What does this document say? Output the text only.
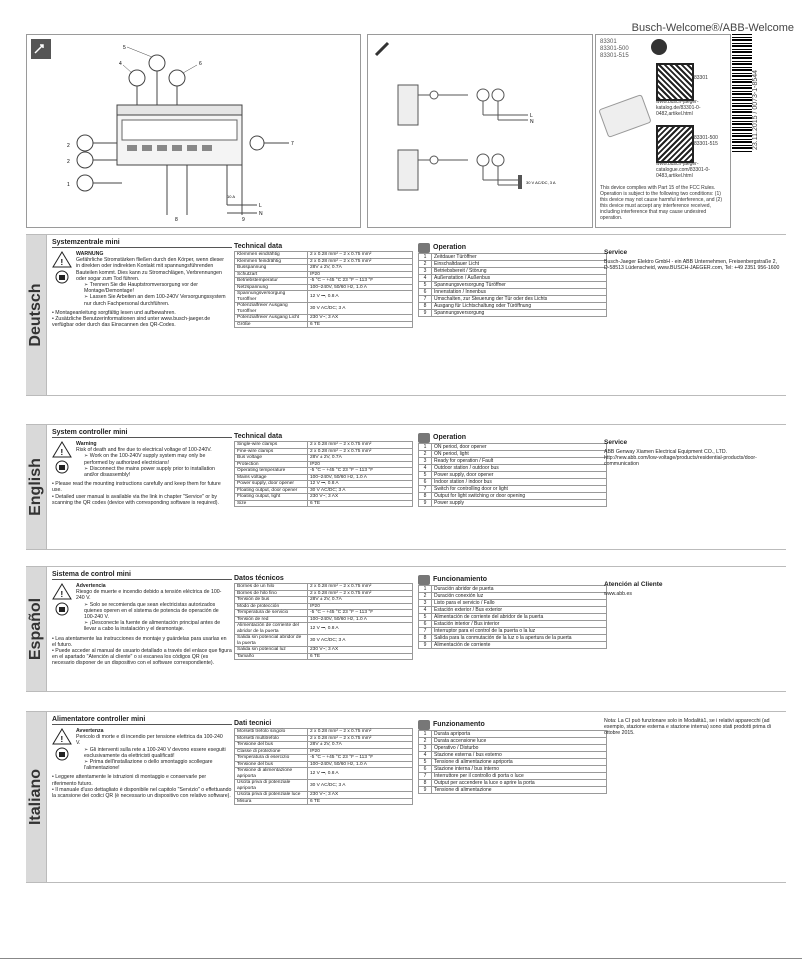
Busch-Welcome®/ABB-Welcome
5
4	6
2
2
1
7
L
N
10 A
8	9
L
N
30 V AC/DC, 3 A
83301
83301-500
83301-515
83301
www.busch-jaeger-katalog.de/83301-0-0482,artikel.html
83301-500
83301-515
www.busch-jaeger-catalogue.com/83301-0-0483,artikel.html
This device complies with Part 15 of the FCC Rules. Operation is subject to the following two conditions: (1) this device may not cause harmful interference, and (2) this device must accept any interference received, including interference that may cause undesired operation.
23.11.2015 / 0073-1-8544
Deutsch
Systemzentrale mini
!
WARNUNG
Gefährliche Stromstärken fließen durch den Körper, wenn dieser in direkten oder indirekten Kontakt mit spannungsführenden Bauteilen kommt. Dies kann zu Stromschlägen, Verbrennungen oder sogar zum Tod führen.
➢ Trennen Sie die Hauptstromversorgung vor der Montage/Demontage!
➢ Lassen Sie Arbeiten an dem 100-240V Versorgungssystem nur durch Fachpersonal durchführen.
• Montageanleitung sorgfältig lesen und aufbewahren.
• Zusätzliche Benutzerinformationen sind unter www.busch-jaeger.de verfügbar oder durch das Einscannen des QR-Codes.
Technical data
Klemmen eindrähtig	2 x 0.28 mm² – 2 x 0.75 mm²
Klemmen feindrähtig	2 x 0.28 mm² – 2 x 0.75 mm²
Busspannung	28V ± 2V, 0.7A
Schutzart	IP20
Betriebstemperatur	-5 °C – +45 °C 23 °F – 113 °F
Netzspannung	100–240V, 50/60 Hz, 1.0 A
Spannungsversorgung Türöffner	12 V ⎓, 0.8 A
Potenzialfreier Ausgang Türöffner	30 V AC/DC; 3 A
Potenzialfreier Ausgang Licht	230 V~; 3 AX
Größe	6 TE
Operation
1	Zeitdauer Türöffner
2	Einschaltdauer Licht
3	Betriebsbereit / Störung
4	Außenstation / Außenbus
5	Spannungsversorgung Türöffner
6	Innenstation / Innenbus
7	Umschalten, zur Steuerung der Tür oder des Lichts
8	Ausgang für Lichtschaltung oder Türöffnung
9	Spannungsversorgung
Service
Busch-Jaeger Elektro GmbH - ein ABB Unternehmen, Freisenbergstraße 2, D-58513 Lüdenscheid, www.BUSCH-JAEGER.com, Tel: +49 2351 956-1600
English
System controller mini
!
Warning
Risk of death and fire due to electrical voltage of 100-240V.
➢ Work on the 100-240V supply system may only be performed by authorized electricians!
➢ Disconnect the mains power supply prior to installation and/or disassembly!
• Please read the mounting instructions carefully and keep them for future use.
• Detailed user manual is available via the link in chapter "Service" or by scanning the QR codes (device with corresponding software is required).
Technical data
Single-wire clamps	2 x 0.28 mm² – 2 x 0.75 mm²
Fine-wire clamps	2 x 0.28 mm² – 2 x 0.75 mm²
Bus voltage	28V ± 2V, 0.7A
Protection	IP20
Operating temperature	-5 °C – +45 °C 23 °F – 113 °F
Mains voltage	100–240V, 50/60 Hz, 1.0 A
Power supply, door opener	12 V ⎓, 0.8 A
Floating output, door opener	30 V AC/DC; 3 A
Floating output, light	230 V~; 3 AX
Size	6 TE
Operation
1	ON period, door opener
2	ON period, light
3	Ready for operation / Fault
4	Outdoor station / outdoor bus
5	Power supply, door opener
6	Indoor station / indoor bus
7	Switch for controlling door or light
8	Output for light switching or door opening
9	Power supply
Service
ABB Genway Xiamen Electrical Equipment CO., LTD. http://new.abb.com/low-voltage/products/residential-products/door-communication
Español
Sistema de control mini
!
Advertencia
Riesgo de muerte e incendio debido a tensión eléctrica de 100-240 V.
➢ Solo se recomienda que sean electricistas autorizados quienes operen en el sistema de potencia de operación de 100-240 V.
➢ ¡Desconecte la fuente de alimentación principal antes de llevar a cabo la instalación y el desmontaje.
• Lea atentamente las instrucciones de montaje y guárdelas para usarlas en el futuro.
• Puede acceder al manual de usuario detallado a través del enlace que figura en el apartado "Atención al cliente" o si escanea los códigos QR (es necesario disponer de un dispositivo con el software correspondiente).
Datos técnicos
Bornes de un hilo	2 x 0.28 mm² – 2 x 0.75 mm²
Bornes de hilo fino	2 x 0.28 mm² – 2 x 0.75 mm²
Tensión de bus	28V ± 2V, 0.7A
Modo de protección	IP20
Temperatura de servicio	-5 °C – +45 °C 23 °F – 113 °F
Tensión de red	100–240V, 50/60 Hz, 1.0 A
Alimentación de corriente del abridor de la puerta	12 V ⎓, 0.8 A
Salida sin potencial abridor de la puerta	30 V AC/DC; 3 A
Salida sin potencial luz	230 V~; 3 AX
Tamaño	6 TE
Funcionamiento
1	Duración abridor de puerta
2	Duración conexión luz
3	Listo para el servicio / Fallo
4	Estación exterior / Bus exterior
5	Alimentación de corriente del abridor de la puerta
6	Estación interior / Bus interior
7	Interruptor para el control de la puerta o la luz
8	Salida para la conmutación de la luz o la apertura de la puerta
9	Alimentación de corriente
Atención al Cliente
www.abb.es
Italiano
Alimentatore controller mini
!
Avvertenza
Pericolo di morte e di incendio per tensione elettrica da 100-240 V.
➢ Gli interventi sulla rete a 100-240 V devono essere eseguiti esclusivamente da elettricisti qualificati!
➢ Prima dell'installazione o dello smontaggio scollegare l'alimentazione!
• Leggere attentamente le istruzioni di montaggio e conservarle per riferimento futuro.
• Il manuale d'uso dettagliato è disponibile nel capitolo "Servizio" o effettuando la scansione dei codici QR (è necessario un dispositivo con relativo software).
Dati tecnici
Morsetti trefolo singolo	2 x 0.28 mm² – 2 x 0.75 mm²
Morsetti multitrefolo	2 x 0.28 mm² – 2 x 0.75 mm²
Tensione del bus	28V ± 2V, 0.7A
Classe di protezione	IP20
Temperatura di esercizio	-5 °C – +45 °C 23 °F – 113 °F
Tensione del bus	100–240V, 50/60 Hz, 1.0 A
Tensione di alimentazione apriporta	12 V ⎓, 0.8 A
Uscita priva di potenziale apriporta	30 V AC/DC; 3 A
Uscita priva di potenziale luce	230 V~; 3 AX
Misura	6 TE
Funzionamento
1	Durata apriporta
2	Durata accensione luce
3	Operativo / Disturbo
4	Stazione esterna / bus esterno
5	Tensione di alimentazione apriporta
6	Stazione interna / bus interno
7	Interruttore per il controllo di porta o luce
8	Output per accendere la luce o aprire la porta
9	Tensione di alimentazione
Nota: La CI può funzionare solo in Modalità1, se i relativi apparecchi (ad esempio, stazione esterna e stazione interna) sono stati prodotti prima di ottobre 2015.
